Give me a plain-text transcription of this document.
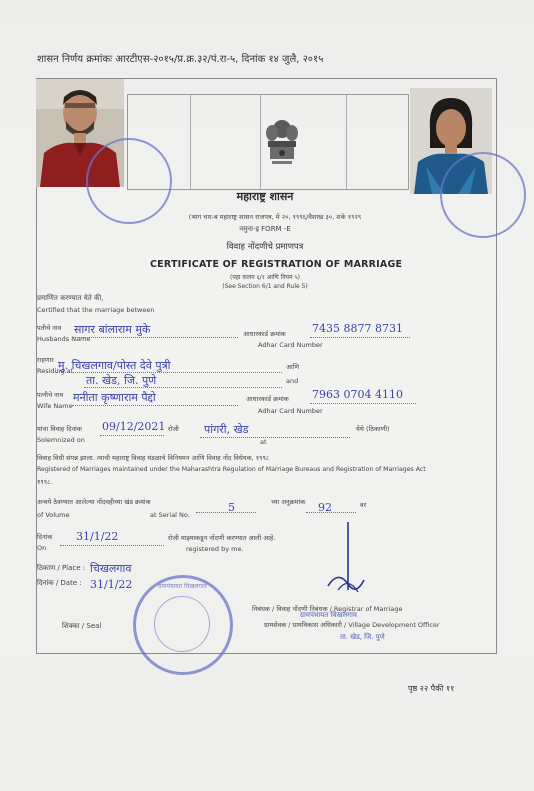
शासन निर्णय क्रमांकः आरटीएस-२०१५/प्र.क्र.३२/पं.रा-५, दिनांक १४ जुलै, २०१५
महाराष्ट्र शासन
(भाग चार-ब महाराष्ट्र शासन राजपत्र, मे २०, १९९६/वैशाख ३०, शके १९२९
नमुना-इ FORM -E
विवाह नोंदणीचे प्रमाणपत्र
CERTIFICATE OF REGISTRATION OF MARRIAGE
(पहा कलम ६/१ आणि नियम ५)
(See Section 6/1 and Rule 5)
प्रमाणित करण्यात येते की,
Certified that the marriage between
पतीचे नाव
Husbands Name
सागर बांलाराम मुके	आधारकार्ड क्रमांक
Adhar Card Number
7435 8877 8731
राहणार
Residing at
मु. चिखलगाव/पोस्त देवे पुत्री	आणि
ता. खेड, जि. पुणे	and
पत्नीचे नाव
Wife Name
मनीता कृष्णाराम पैद्दो	आधारकार्ड क्रमांक
Adhar Card Number
7963 0704 4110
यांचा विवाह दिनांक
Solemnized on
09/12/2021 रोजी पांगरी, खेड	येथे (ठिकाणी)
at
विवाह विधी संपन्न झाला. त्याची महाराष्ट्र विवाह मंडळाचे विनियमन आणि विवाह नोंद विधेयक, १९९८
Registered of Marriages maintained under the Maharashtra Regulation of Marriage Bureaus and Registration of Marriages Act
१९९८.
अन्वये ठेवण्यात आलेल्या नोंदवहीच्या खंड क्रमांक
of Volume
5	च्या अनुक्रमांक
at Serial No.
92	वर
दिनांक
On
31/1/22	रोजी माझ्याकडून नोंदणी करण्यात आली आहे.
registered by me.
ठिकाण / Place : चिखलगाव
दिनांक / Date : 31/1/22	ग्रामपंचायत चिखलगाव
शिक्का / Seal
निबंधक / विवाह नोंदणी निबंधक / Registrar of Marriage
ग्रामसेवक / ग्रामविकास अधिकारी / Village Development Officer
ग्रामपंचायत चिखलगाव
ता. खेड, जि. पुणे
पृष्ठ २२ पैकी ११
